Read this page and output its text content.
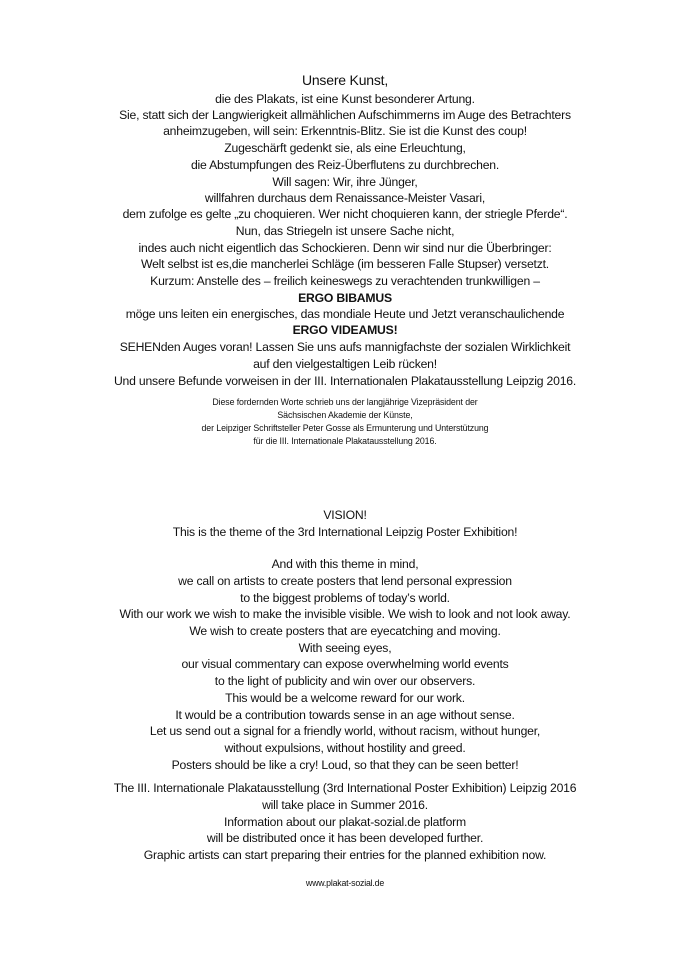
Unsere Kunst,
die des Plakats, ist eine Kunst besonderer Artung.
Sie, statt sich der Langwierigkeit allmählichen Aufschimmerns im Auge des Betrachters
anheimzugeben, will sein: Erkenntnis-Blitz. Sie ist die Kunst des coup!
Zugeschärft gedenkt sie, als eine Erleuchtung,
die Abstumpfungen des Reiz-Überflutens zu durchbrechen.
Will sagen: Wir, ihre Jünger,
willfahren durchaus dem Renaissance-Meister Vasari,
dem zufolge es gelte „zu choquieren. Wer nicht choquieren kann, der striegle Pferde“.
Nun, das Striegeln ist unsere Sache nicht,
indes auch nicht eigentlich das Schockieren. Denn wir sind nur die Überbringer:
Welt selbst ist es,die mancherlei Schläge (im besseren Falle Stupser) versetzt.
Kurzum: Anstelle des – freilich keineswegs zu verachtenden trunkwilligen –
ERGO BIBAMUS
möge uns leiten ein energisches, das mondiale Heute und Jetzt veranschaulichende
ERGO VIDEAMUS!
SEHENden Auges voran! Lassen Sie uns aufs mannigfachste der sozialen Wirklichkeit
auf den vielgestaltigen Leib rücken!
Und unsere Befunde vorweisen in der III. Internationalen Plakatausstellung Leipzig 2016.
Diese fordernden Worte schrieb uns der langjährige Vizepräsident der
Sächsischen Akademie der Künste,
der Leipziger Schriftsteller Peter Gosse als Ermunterung und Unterstützung
für die III. Internationale Plakatausstellung 2016.
VISION!
This is the theme of the 3rd International Leipzig Poster Exhibition!
And with this theme in mind,
we call on artists to create posters that lend personal expression
to the biggest problems of today’s world.
With our work we wish to make the invisible visible. We wish to look and not look away.
We wish to create posters that are eyecatching and moving.
With seeing eyes,
our visual commentary can expose overwhelming world events
to the light of publicity and win over our observers.
This would be a welcome reward for our work.
It would be a contribution towards sense in an age without sense.
Let us send out a signal for a friendly world, without racism, without hunger,
without expulsions, without hostility and greed.
Posters should be like a cry! Loud, so that they can be seen better!
The III. Internationale Plakatausstellung (3rd International Poster Exhibition) Leipzig 2016
will take place in Summer 2016.
Information about our plakat-sozial.de platform
will be distributed once it has been developed further.
Graphic artists can start preparing their entries for the planned exhibition now.
www.plakat-sozial.de
